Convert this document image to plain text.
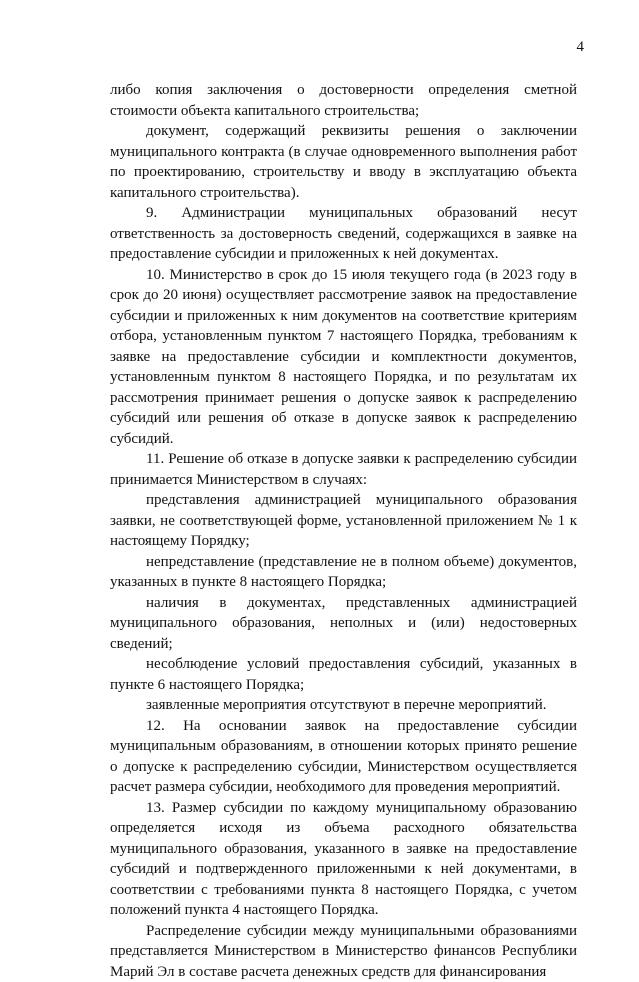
4

либо копия заключения о достоверности определения сметной стоимости объекта капитального строительства;

документ, содержащий реквизиты решения о заключении муниципального контракта (в случае одновременного выполнения работ по проектированию, строительству и вводу в эксплуатацию объекта капитального строительства).

9. Администрации муниципальных образований несут ответственность за достоверность сведений, содержащихся в заявке на предоставление субсидии и приложенных к ней документах.

10. Министерство в срок до 15 июля текущего года (в 2023 году в срок до 20 июня) осуществляет рассмотрение заявок на предоставление субсидии и приложенных к ним документов на соответствие критериям отбора, установленным пунктом 7 настоящего Порядка, требованиям к заявке на предоставление субсидии и комплектности документов, установленным пунктом 8 настоящего Порядка, и по результатам их рассмотрения принимает решения о допуске заявок к распределению субсидий или решения об отказе в допуске заявок к распределению субсидий.

11. Решение об отказе в допуске заявки к распределению субсидии принимается Министерством в случаях:

представления администрацией муниципального образования заявки, не соответствующей форме, установленной приложением № 1 к настоящему Порядку;

непредставление (представление не в полном объеме) документов, указанных в пункте 8 настоящего Порядка;

наличия в документах, представленных администрацией муниципального образования, неполных и (или) недостоверных сведений;

несоблюдение условий предоставления субсидий, указанных в пункте 6 настоящего Порядка;

заявленные мероприятия отсутствуют в перечне мероприятий.

12. На основании заявок на предоставление субсидии муниципальным образованиям, в отношении которых принято решение о допуске к распределению субсидии, Министерством осуществляется расчет размера субсидии, необходимого для проведения мероприятий.

13. Размер субсидии по каждому муниципальному образованию определяется исходя из объема расходного обязательства муниципального образования, указанного в заявке на предоставление субсидий и подтвержденного приложенными к ней документами, в соответствии с требованиями пункта 8 настоящего Порядка, с учетом положений пункта 4 настоящего Порядка.

Распределение субсидии между муниципальными образованиями представляется Министерством в Министерство финансов Республики Марий Эл в составе расчета денежных средств для финансирования
